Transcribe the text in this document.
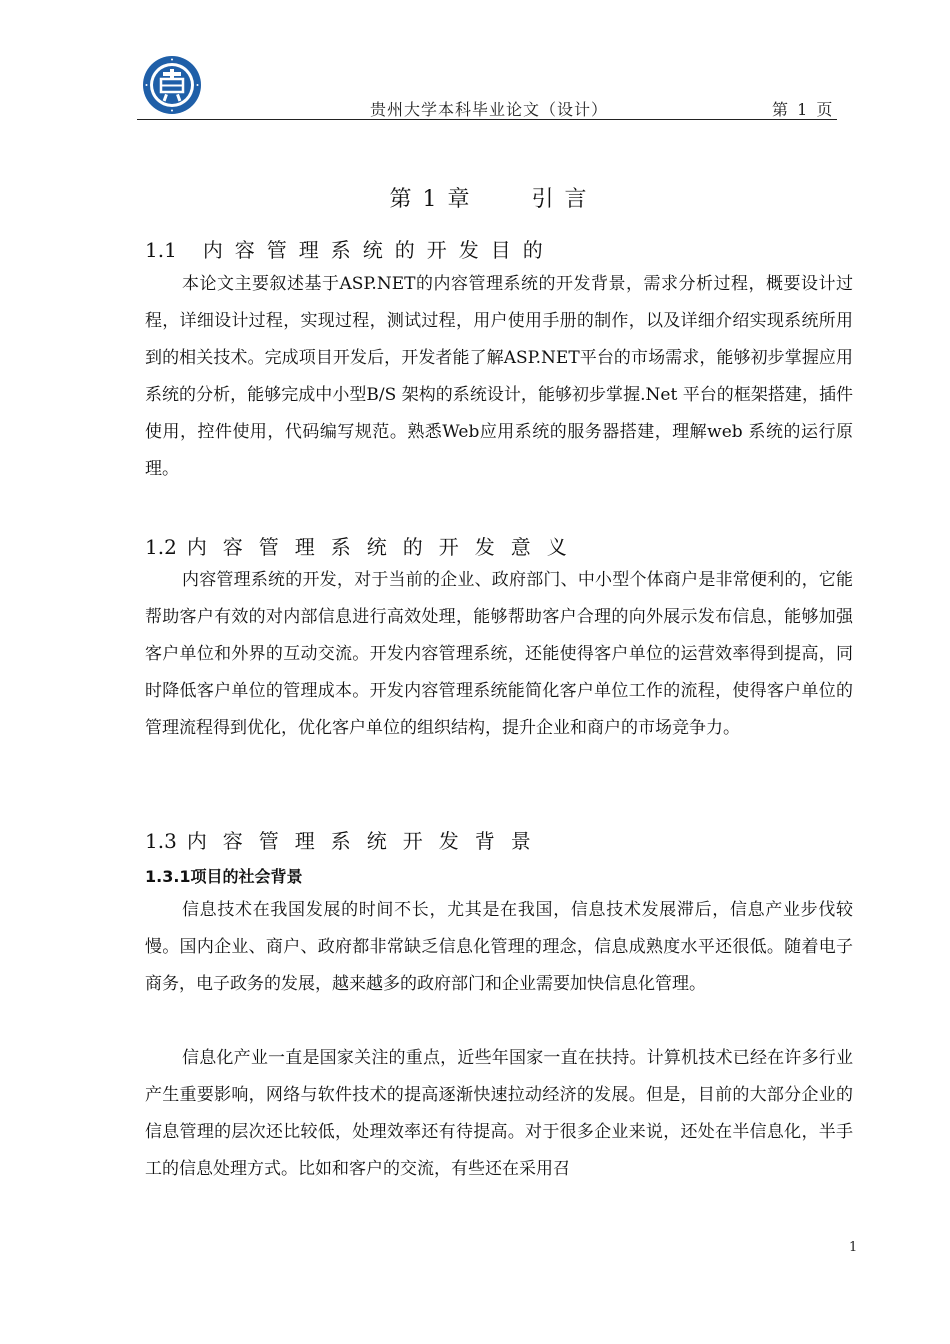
贵州大学本科毕业论文（设计）	第 1 页
第 1 章	引 言
1.1 内容管理系统的开发目的

本论文主要叙述基于ASP.NET的内容管理系统的开发背景，需求分析过程，概要设计过程，详细设计过程，实现过程，测试过程，用户使用手册的制作，以及详细介绍实现系统所用到的相关技术。完成项目开发后，开发者能了解ASP.NET平台的市场需求，能够初步掌握应用系统的分析，能够完成中小型B/S 架构的系统设计，能够初步掌握.Net 平台的框架搭建，插件使用，控件使用，代码编写规范。熟悉Web应用系统的服务器搭建，理解web 系统的运行原理。

1.2 内容管理系统的开发意义

内容管理系统的开发，对于当前的企业、政府部门、中小型个体商户是非常便利的，它能帮助客户有效的对内部信息进行高效处理，能够帮助客户合理的向外展示发布信息，能够加强客户单位和外界的互动交流。开发内容管理系统，还能使得客户单位的运营效率得到提高，同时降低客户单位的管理成本。开发内容管理系统能简化客户单位工作的流程，使得客户单位的管理流程得到优化，优化客户单位的组织结构，提升企业和商户的市场竞争力。

1.3 内容管理系统开发背景
1.3.1项目的社会背景

信息技术在我国发展的时间不长，尤其是在我国，信息技术发展滞后，信息产业步伐较慢。国内企业、商户、政府都非常缺乏信息化管理的理念，信息成熟度水平还很低。随着电子商务，电子政务的发展，越来越多的政府部门和企业需要加快信息化管理。

信息化产业一直是国家关注的重点，近些年国家一直在扶持。计算机技术已经在许多行业产生重要影响，网络与软件技术的提高逐渐快速拉动经济的发展。但是，目前的大部分企业的信息管理的层次还比较低，处理效率还有待提高。对于很多企业来说，还处在半信息化，半手工的信息处理方式。比如和客户的交流，有些还在采用召

1
